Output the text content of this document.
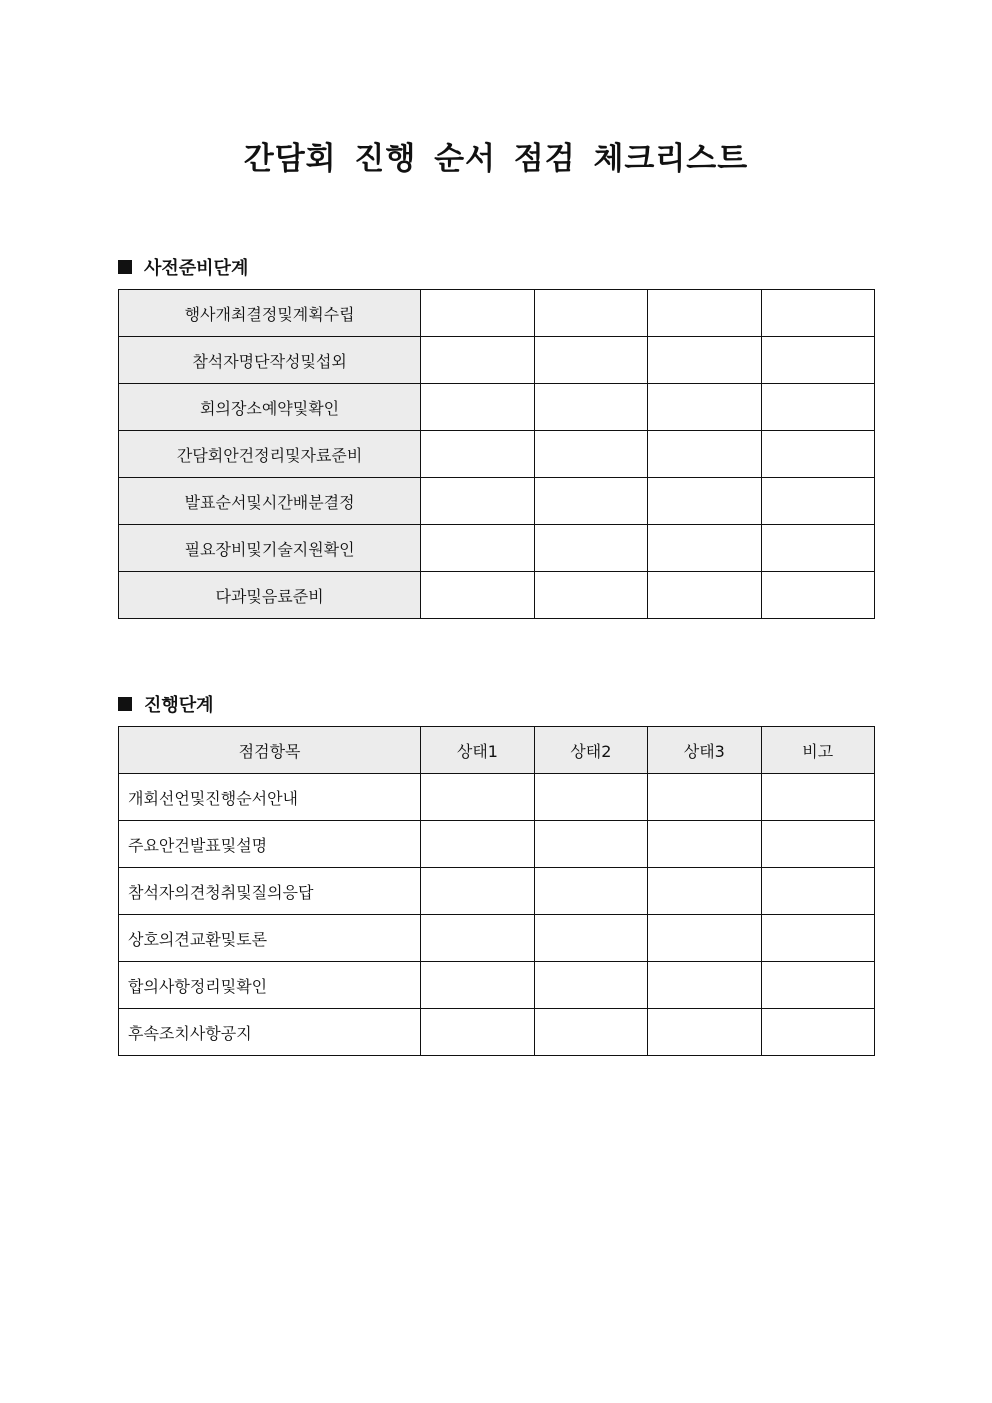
간담회 진행 순서 점검 체크리스트
사전준비단계
행사개최결정및계획수립				
참석자명단작성및섭외				
회의장소예약및확인				
간담회안건정리및자료준비				
발표순서및시간배분결정				
필요장비및기술지원확인				
다과및음료준비				
진행단계
점검항목	상태1	상태2	상태3	비고
개회선언및진행순서안내				
주요안건발표및설명				
참석자의견청취및질의응답				
상호의견교환및토론				
합의사항정리및확인				
후속조치사항공지				
